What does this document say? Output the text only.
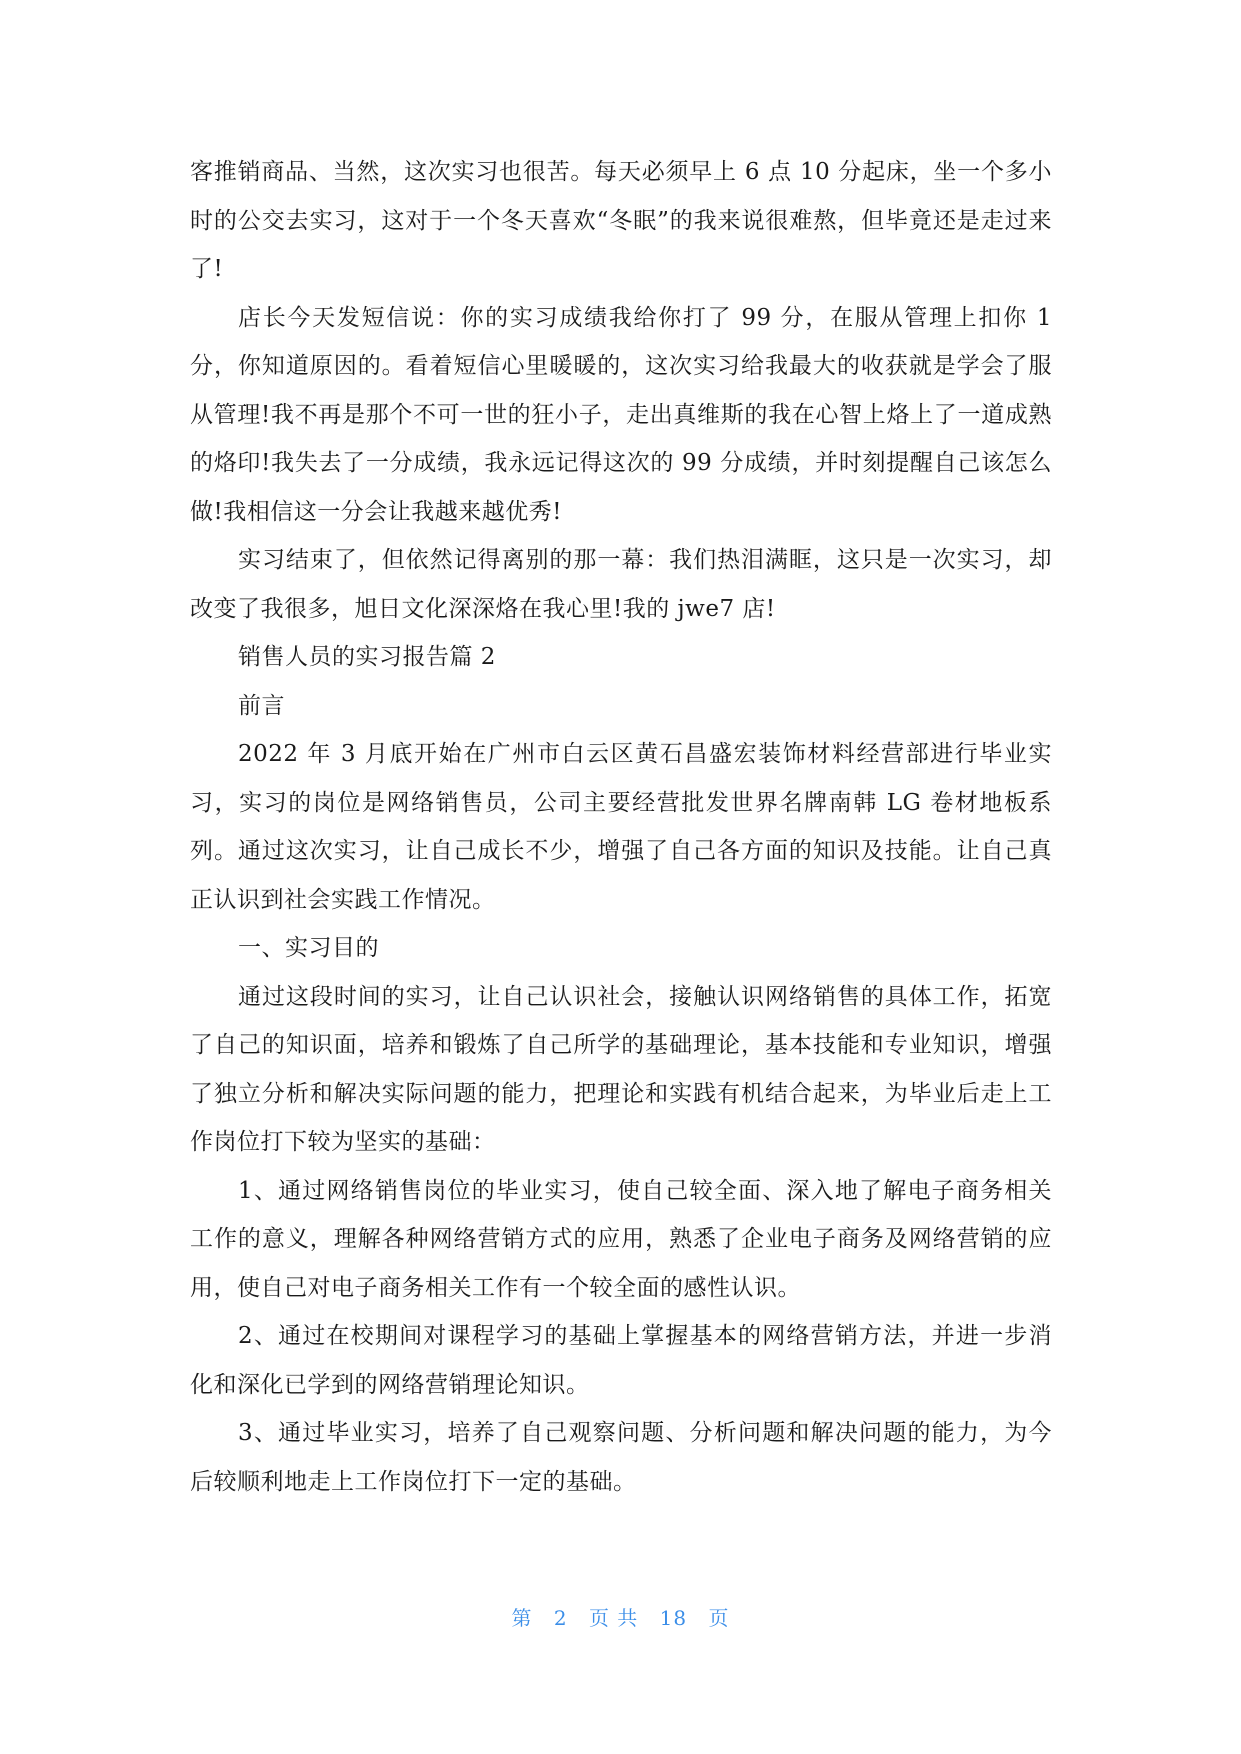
客推销商品、当然，这次实习也很苦。每天必须早上 6 点 10 分起床，坐一个多小时的公交去实习，这对于一个冬天喜欢“冬眠”的我来说很难熬，但毕竟还是走过来了!

店长今天发短信说：你的实习成绩我给你打了 99 分，在服从管理上扣你 1 分，你知道原因的。看着短信心里暖暖的，这次实习给我最大的收获就是学会了服从管理!我不再是那个不可一世的狂小子，走出真维斯的我在心智上烙上了一道成熟的烙印!我失去了一分成绩，我永远记得这次的 99 分成绩，并时刻提醒自己该怎么做!我相信这一分会让我越来越优秀!

实习结束了，但依然记得离别的那一幕：我们热泪满眶，这只是一次实习，却改变了我很多，旭日文化深深烙在我心里!我的 jwe7 店!

销售人员的实习报告篇 2

前言

2022 年 3 月底开始在广州市白云区黄石昌盛宏装饰材料经营部进行毕业实习，实习的岗位是网络销售员，公司主要经营批发世界名牌南韩 LG 卷材地板系列。通过这次实习，让自己成长不少，增强了自己各方面的知识及技能。让自己真正认识到社会实践工作情况。

一、实习目的

通过这段时间的实习，让自己认识社会，接触认识网络销售的具体工作，拓宽了自己的知识面，培养和锻炼了自己所学的基础理论，基本技能和专业知识，增强了独立分析和解决实际问题的能力，把理论和实践有机结合起来，为毕业后走上工作岗位打下较为坚实的基础：

1、通过网络销售岗位的毕业实习，使自己较全面、深入地了解电子商务相关工作的意义，理解各种网络营销方式的应用，熟悉了企业电子商务及网络营销的应用，使自己对电子商务相关工作有一个较全面的感性认识。

2、通过在校期间对课程学习的基础上掌握基本的网络营销方法，并进一步消化和深化已学到的网络营销理论知识。

3、通过毕业实习，培养了自己观察问题、分析问题和解决问题的能力，为今后较顺利地走上工作岗位打下一定的基础。

第 2 页 共 18 页
